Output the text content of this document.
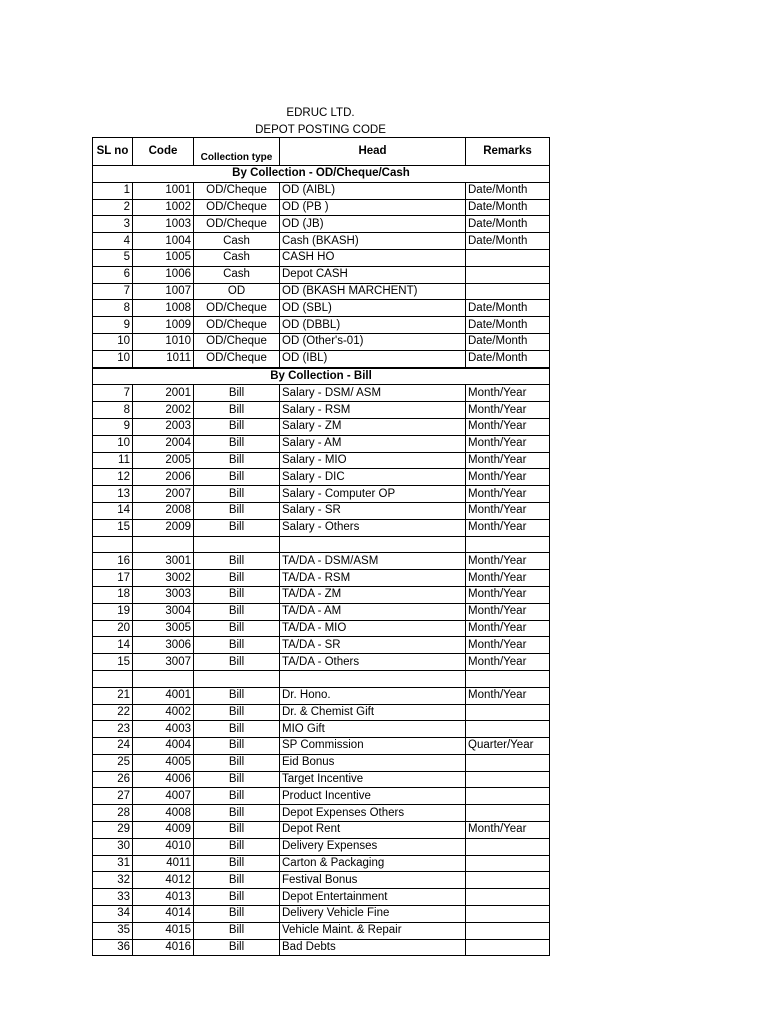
EDRUC LTD.
DEPOT POSTING CODE
SL no	Code	Collection type	Head	Remarks
By Collection - OD/Cheque/Cash				
1	1001	OD/Cheque	OD (AIBL)	Date/Month
2	1002	OD/Cheque	OD (PB )	Date/Month
3	1003	OD/Cheque	OD (JB)	Date/Month
4	1004	Cash	Cash (BKASH)	Date/Month
5	1005	Cash	CASH HO	
6	1006	Cash	Depot CASH	
7	1007	OD	OD (BKASH MARCHENT)	
8	1008	OD/Cheque	OD (SBL)	Date/Month
9	1009	OD/Cheque	OD (DBBL)	Date/Month
10	1010	OD/Cheque	OD (Other's-01)	Date/Month
10	1011	OD/Cheque	OD (IBL)	Date/Month
By Collection - Bill				
7	2001	Bill	Salary - DSM/ ASM	Month/Year
8	2002	Bill	Salary - RSM	Month/Year
9	2003	Bill	Salary - ZM	Month/Year
10	2004	Bill	Salary - AM	Month/Year
11	2005	Bill	Salary - MIO	Month/Year
12	2006	Bill	Salary - DIC	Month/Year
13	2007	Bill	Salary - Computer OP	Month/Year
14	2008	Bill	Salary - SR	Month/Year
15	2009	Bill	Salary - Others	Month/Year

16	3001	Bill	TA/DA - DSM/ASM	Month/Year
17	3002	Bill	TA/DA - RSM	Month/Year
18	3003	Bill	TA/DA - ZM	Month/Year
19	3004	Bill	TA/DA - AM	Month/Year
20	3005	Bill	TA/DA - MIO	Month/Year
14	3006	Bill	TA/DA - SR	Month/Year
15	3007	Bill	TA/DA - Others	Month/Year

21	4001	Bill	Dr. Hono.	Month/Year
22	4002	Bill	Dr. & Chemist Gift	
23	4003	Bill	MIO Gift	
24	4004	Bill	SP Commission	Quarter/Year
25	4005	Bill	Eid Bonus	
26	4006	Bill	Target Incentive	
27	4007	Bill	Product Incentive	
28	4008	Bill	Depot Expenses Others	
29	4009	Bill	Depot Rent	Month/Year
30	4010	Bill	Delivery Expenses	
31	4011	Bill	Carton & Packaging	
32	4012	Bill	Festival Bonus	
33	4013	Bill	Depot Entertainment	
34	4014	Bill	Delivery Vehicle Fine	
35	4015	Bill	Vehicle Maint. & Repair	
36	4016	Bill	Bad Debts	
